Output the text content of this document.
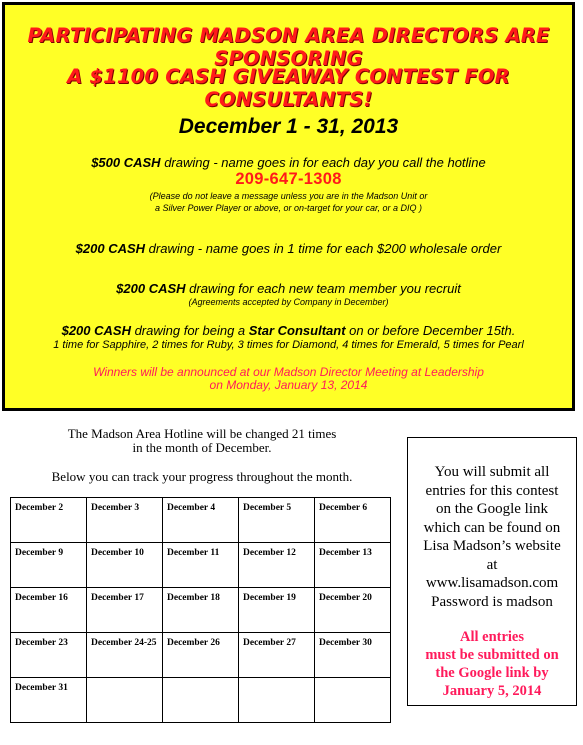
PARTICIPATING MADSON AREA DIRECTORS ARE SPONSORING
A $1100 CASH GIVEAWAY CONTEST FOR CONSULTANTS!
December 1 - 31, 2013
$500 CASH drawing - name goes in for each day you call the hotline
209-647-1308
(Please do not leave a message unless you are in the Madson Unit or
a Silver Power Player or above, or on-target for your car, or a DIQ )
$200 CASH drawing - name goes in 1 time for each $200 wholesale order
$200 CASH drawing for each new team member you recruit
(Agreements accepted by Company in December)
$200 CASH drawing for being a Star Consultant on or before December 15th.
1 time for Sapphire, 2 times for Ruby, 3 times for Diamond, 4 times for Emerald, 5 times for Pearl
Winners will be announced at our Madson Director Meeting at Leadership
on Monday, January 13, 2014
The Madson Area Hotline will be changed 21 times
in the month of December.
Below you can track your progress throughout the month.
December 2	December 3	December 4	December 5	December 6
December 9	December 10	December 11	December 12	December 13
December 16	December 17	December 18	December 19	December 20
December 23	December 24-25	December 26	December 27	December 30
December 31				
You will submit all
entries for this contest
on the Google link
which can be found on
Lisa Madson’s website
at
www.lisamadson.com
Password is madson
All entries
must be submitted on
the Google link by
January 5, 2014
